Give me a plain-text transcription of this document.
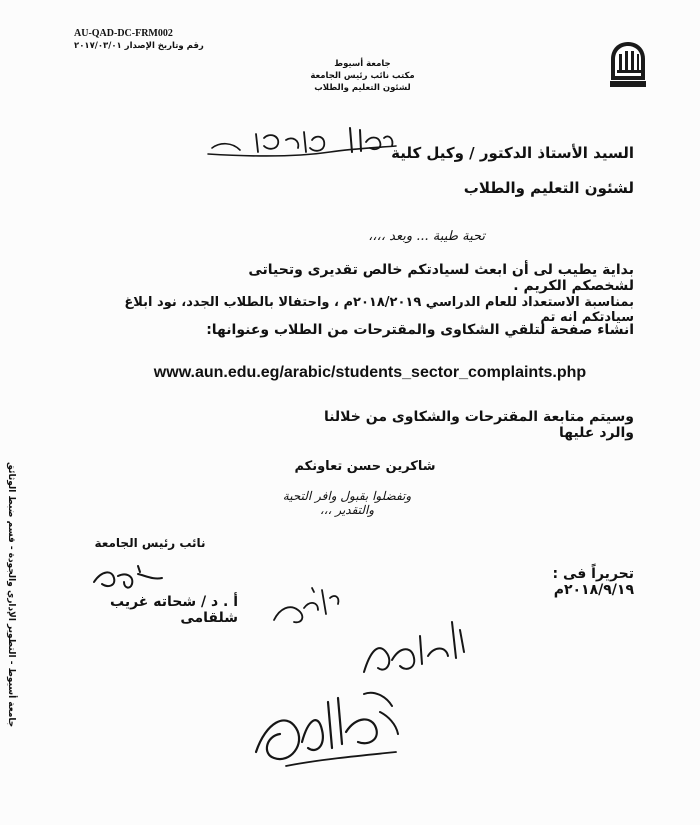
AU-QAD-DC-FRM002
رقم وتاريخ الإصدار ٢٠١٧/٠٣/٠١
جامعة أسيوط
مكتب نائب رئيس الجامعة
لشئون التعليم والطلاب
السيد الأستاذ الدكتور / وكيل كلية
لشئون التعليم والطلاب
تحية طيبة ... وبعد ،،،،
بداية يطيب لى أن ابعث لسيادتكم خالص تقديرى وتحياتى لشخصكم الكريم .
بمناسبة الاستعداد للعام الدراسي ٢٠١٨/٢٠١٩م ، واحتفالا بالطلاب الجدد، نود ابلاغ سيادتكم انه تم
انشاء صفحة لتلقي الشكاوى والمقترحات من الطلاب وعنوانها:
www.aun.edu.eg/arabic/students_sector_complaints.php
وسيتم متابعة المقترحات والشكاوى من خلالنا والرد عليها
شاكرين حسن تعاونكم
وتفضلوا بقبول وافر التحية والتقدير ،،،
نائب رئيس الجامعة
أ . د / شحاته غريب شلقامى
تحريراً فى : ٢٠١٨/٩/١٩م
جامعة أسيوط - التطوير الإداري والجودة - قسم ضبط الوثائق
